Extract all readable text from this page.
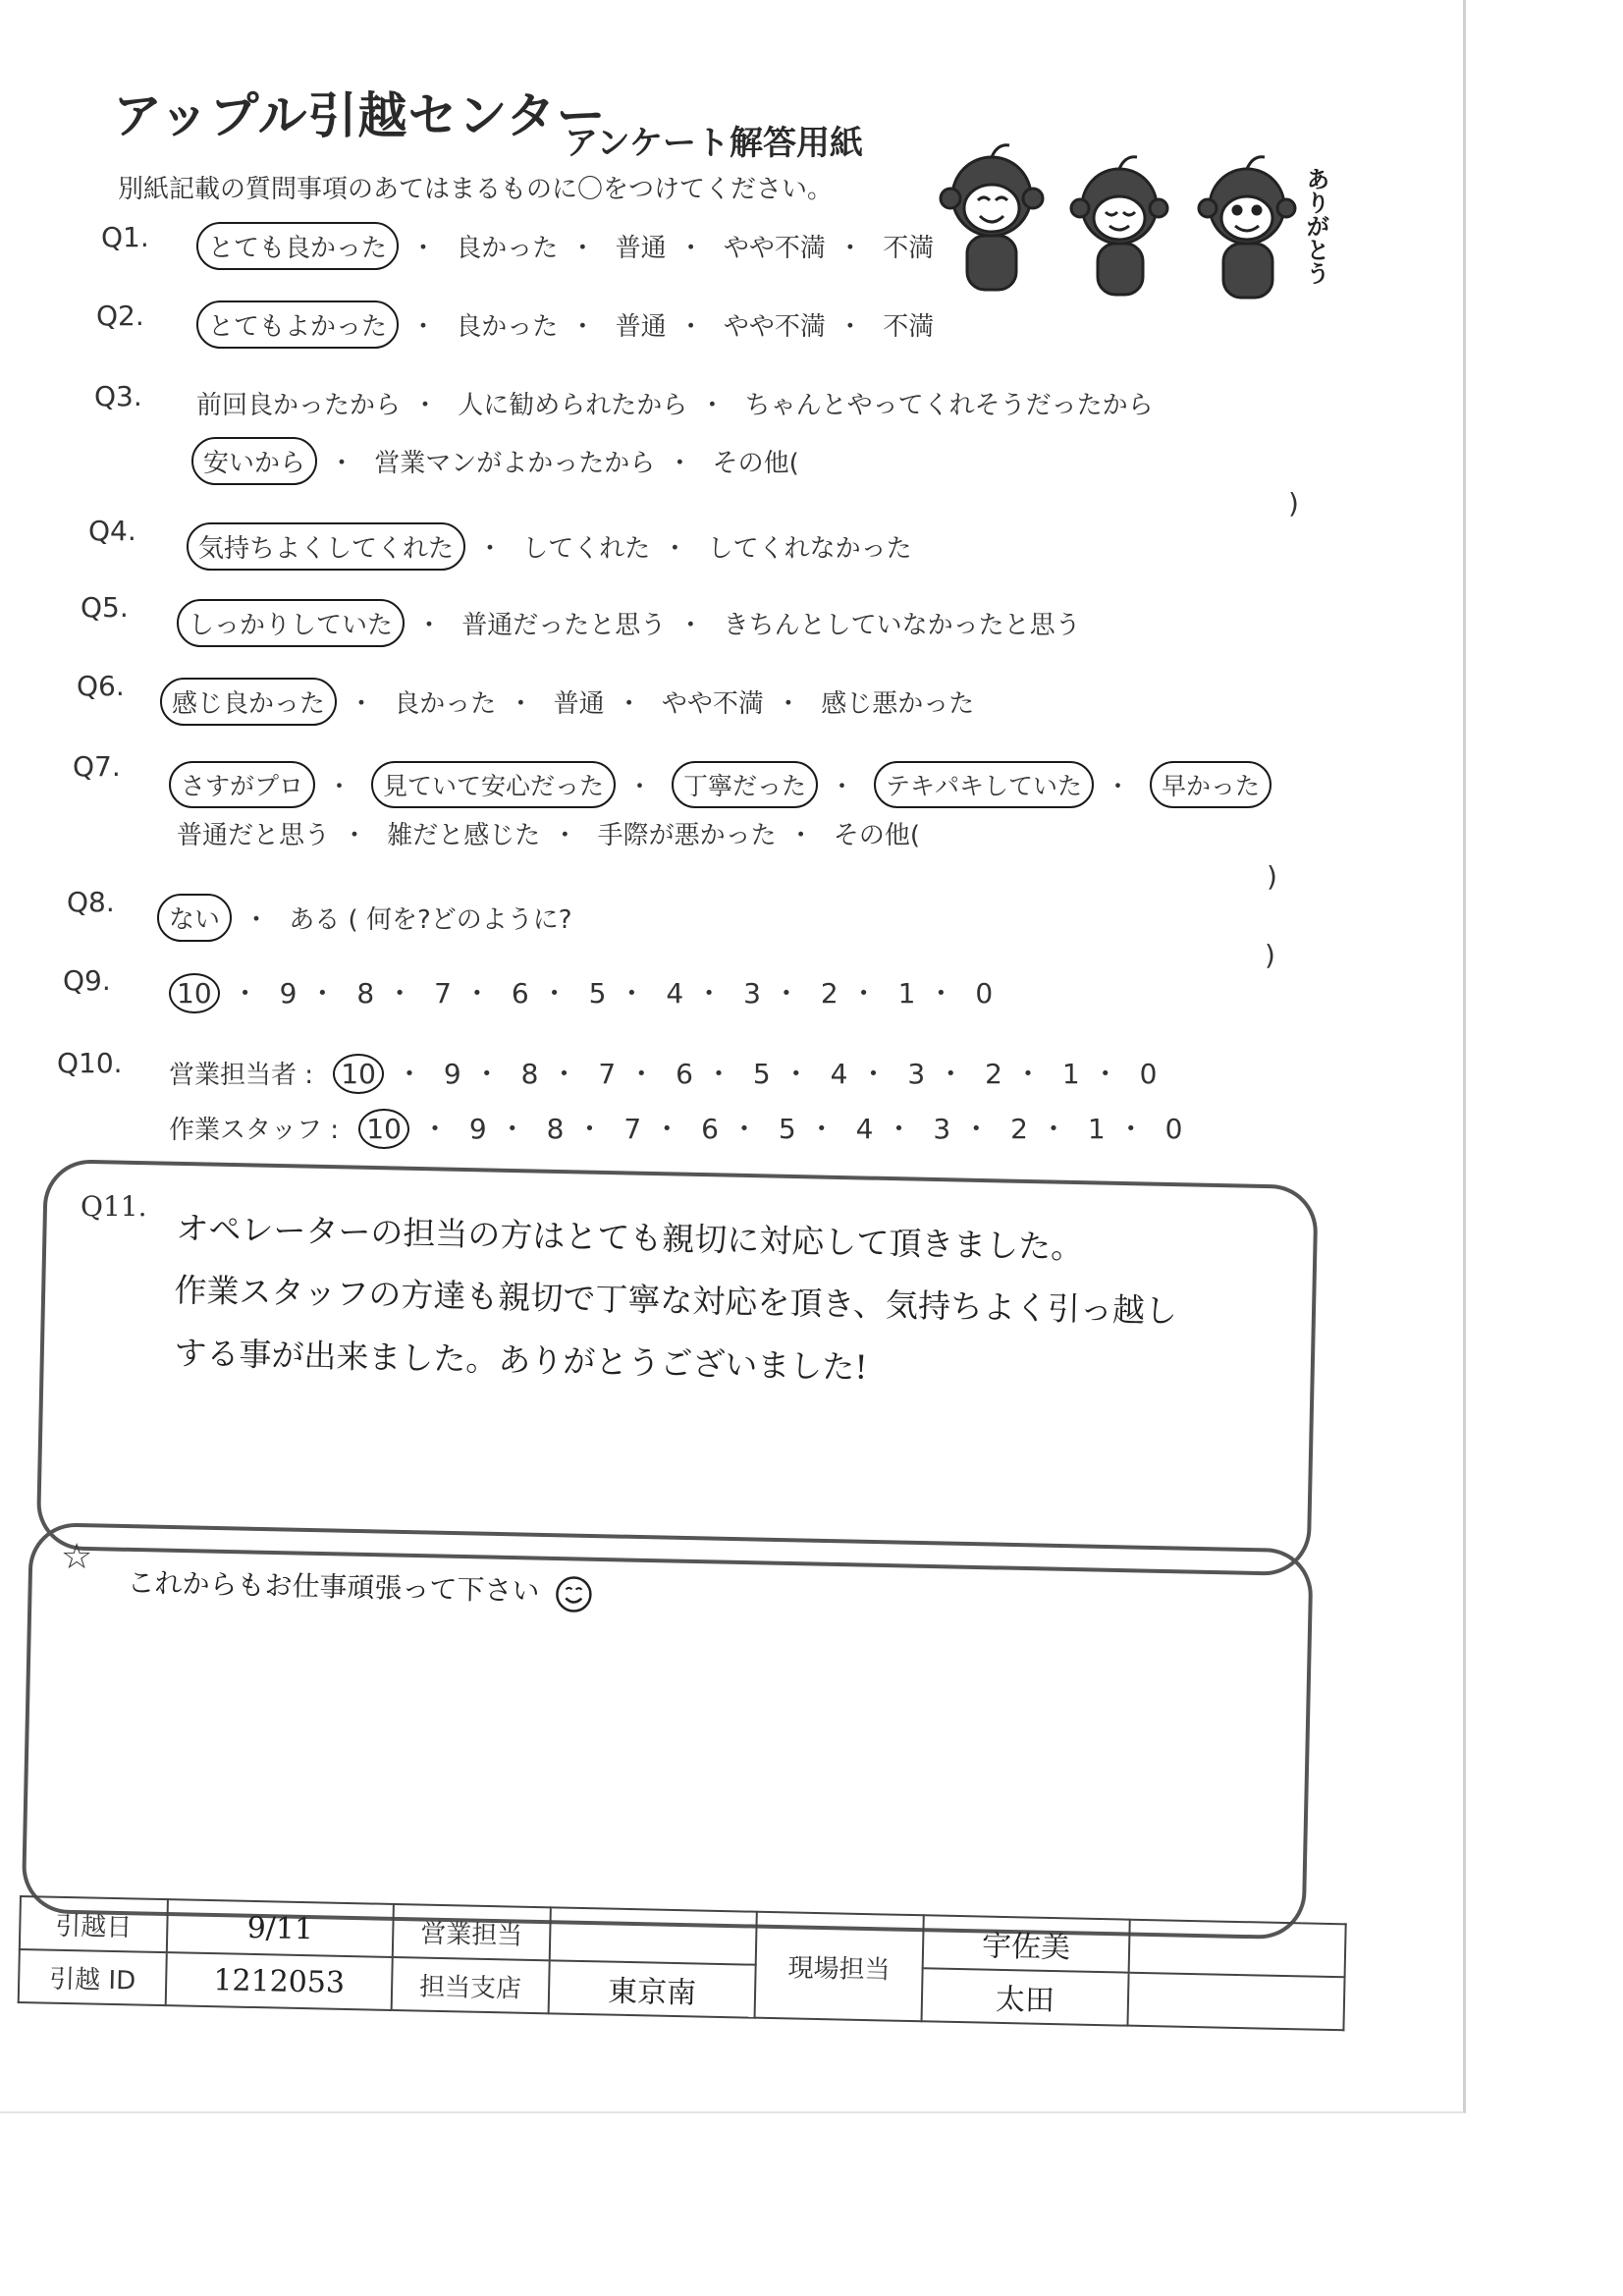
アップル引越センター
アンケート解答用紙
別紙記載の質問事項のあてはまるものに〇をつけてください。	ありがとう
Q1.	とても良かった ・ 良かった ・ 普通 ・ やや不満 ・ 不満
Q2.	とてもよかった ・ 良かった ・ 普通 ・ やや不満 ・ 不満
Q3. 前回良かったから ・ 人に勧められたから ・ ちゃんとやってくれそうだったから
安いから ・ 営業マンがよかったから ・ その他(
)
Q4.
気持ちよくしてくれた ・ してくれた ・ してくれなかった
Q5.
しっかりしていた ・ 普通だったと思う ・ きちんとしていなかったと思う
Q6.
感じ良かった ・ 良かった ・ 普通 ・ やや不満 ・ 感じ悪かった
Q7.
さすがプロ ・ 見ていて安心だった ・ 丁寧だった ・ テキパキしていた ・ 早かった
普通だと思う ・ 雑だと感じた ・ 手際が悪かった ・ その他(
)
Q8.
ない ・ ある ( 何を?どのように?
)
Q9. 10 ・ 9 ・ 8 ・ 7 ・ 6 ・ 5 ・ 4 ・ 3 ・ 2 ・ 1 ・ 0
Q10. 営業担当者 : 10 ・ 9 ・ 8 ・ 7 ・ 6 ・ 5 ・ 4 ・ 3 ・ 2 ・ 1 ・ 0
作業スタッフ : 10 ・ 9 ・ 8 ・ 7 ・ 6 ・ 5 ・ 4 ・ 3 ・ 2 ・ 1 ・ 0
Q11.
オペレーターの担当の方はとても親切に対応して頂きました。
作業スタッフの方達も親切で丁寧な対応を頂き、気持ちよく引っ越し
する事が出来ました。ありがとうございました!
☆
これからもお仕事頑張って下さい
引越日	9/11	営業担当		現場担当	宇佐美	
引越 ID	1212053	担当支店	東京南		太田	
